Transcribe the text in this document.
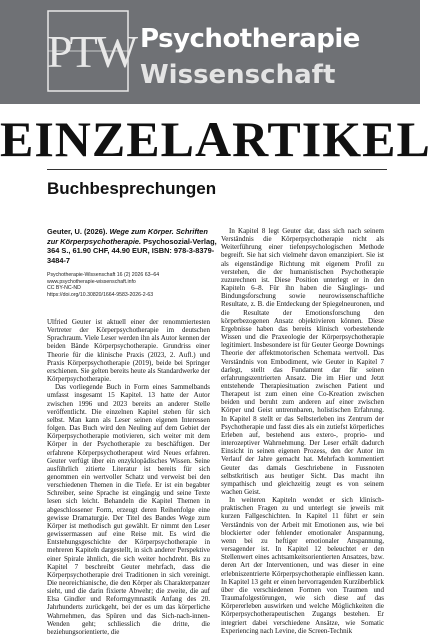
PTW Psychotherapie
Wissenschaft
EINZELARTIKEL
Buchbesprechungen
Geuter, U. (2026). Wege zum Körper. Schriften zur Körperpsychotherapie. Psychosozial-Verlag, 364 S., 61.90 CHF, 44.90 EUR, ISBN: 978-3-8379-3484-7
Psychotherapie-Wissenschaft 16 (2) 2026 63–64
www.psychotherapie-wissenschaft.info
CC BY-NC-ND
https://doi.org/10.30820/1664-9583-2026-2-63

Ulfried Geuter ist aktuell einer der renommiertesten Vertreter der Körperpsychotherapie im deutschen Sprachraum. Viele Leser werden ihn als Autor kennen der beiden Bände Körperpsychotherapie. Grundriss einer Theorie für die klinische Praxis (2023, 2. Aufl.) und Praxis Körperpsychotherapie (2019), beide bei Springer erschienen. Sie gelten bereits heute als Standardwerke der Körperpsychotherapie.

Das vorliegende Buch in Form eines Sammelbands umfasst insgesamt 15 Kapitel. 13 hatte der Autor zwischen 1996 und 2023 bereits an anderer Stelle veröffentlicht. Die einzelnen Kapitel stehen für sich selbst. Man kann als Leser seinen eigenen Interessen folgen. Das Buch wird den Neuling auf dem Gebiet der Körperpsychotherapie motivieren, sich weiter mit dem Körper in der Psychotherapie zu beschäftigen. Der erfahrene Körperpsychotherapeut wird Neues erfahren. Geuter verfügt über ein enzyklopädisches Wissen. Seine ausführlich zitierte Literatur ist bereits für sich genommen ein wertvoller Schatz und verweist bei den verschiedenen Themen in die Tiefe. Er ist ein begabter Schreiber, seine Sprache ist eingängig und seine Texte lesen sich leicht. Behandeln die Kapitel Themen in abgeschlossener Form, erzeugt deren Reihenfolge eine gewisse Dramaturgie. Der Titel des Bandes Wege zum Körper ist methodisch gut gewählt. Er nimmt den Leser gewissermassen auf eine Reise mit. Es wird die Entstehungsgeschichte der Körperpsychotherapie in mehreren Kapiteln dargestellt, in sich anderer Perspektive einer Spirale ähnlich, die sich weiter hochdreht. Bis zu Kapitel 7 beschreibt Geuter mehrfach, dass die Körperpsychotherapie drei Traditionen in sich vereinigt. Die neoreichianische, die den Körper als Charakterpanzer sieht, und die darin fixierte Abwehr; die zweite, die auf Elsa Gindler und Reformgymnastik Anfang des 20. Jahrhunderts zurückgeht, bei der es um das körperliche Wahrnehmen, das Spüren und das Sich-nach-innen-Wenden geht; schliesslich die dritte, die beziehungsorientierte, die

In Kapitel 8 legt Geuter dar, dass sich nach seinem Verständnis die Körperpsychotherapie nicht als Weiterführung einer tiefenpsychologischen Methode begreift. Sie hat sich vielmehr davon emanzipiert. Sie ist als eigenständige Richtung mit eigenem Profil zu verstehen, die der humanistischen Psychotherapie zuzurechnen ist. Diese Position unterlegt er in den Kapiteln 6–8. Für ihn haben die Säuglings- und Bindungsforschung sowie neurowissenschaftliche Resultate, z. B. die Entdeckung der Spiegelneuronen, und die Resultate der Emotionsforschung den körperbezogenen Ansatz objektivieren können. Diese Ergebnisse haben das bereits klinisch vorbestehende Wissen und die Praxeologie der Körperpsychotherapie legitimiert. Insbesondere ist für Geuter George Downings Theorie der affektmotorischen Schemata wertvoll. Das Verständnis von Embodiment, wie Geuter in Kapitel 7 darlegt, stellt das Fundament dar für seinen erfahrungszentrierten Ansatz. Die im Hier und Jetzt entstehende Therapiesituation zwischen Patient und Therapeut ist zum einen eine Co-Kreation zwischen beiden und beruht zum anderen auf einer zwischen Körper und Geist untrennbaren, holistischen Erfahrung. In Kapitel 8 stellt er das Selbsterleben ins Zentrum der Psychotherapie und fasst dies als ein zutiefst körperliches Erleben auf, bestehend aus extero-, proprio- und interozeptiver Wahrnehmung. Der Leser erhält dadurch Einsicht in seinen eigenen Prozess, den der Autor im Verlauf der Jahre gemacht hat. Mehrfach kommentiert Geuter das damals Geschriebene in Fussnoten selbstkritisch aus heutiger Sicht. Das macht ihn sympathisch und gleichzeitig zeugt es von seinem wachen Geist.

In weiteren Kapiteln wendet er sich klinisch-praktischen Fragen zu und unterlegt sie jeweils mit kurzen Fallgeschichten. In Kapitel 11 führt er sein Verständnis von der Arbeit mit Emotionen aus, wie bei blockierter oder fehlender emotionaler Anspannung, wenn bei zu heftiger emotionaler Anspannung, versagender ist. In Kapitel 12 beleuchtet er den Stellenwert eines achtsamkeitsorientierten Ansatzes, bzw. deren Art der Interventionen, und was dieser in eine erlebniszentrierte Körperpsychotherapie einfliessen kann. In Kapitel 13 geht er einen hervorragenden Kurzüberblick über die verschiedenen Formen von Traumen und Traumafolgestörungen, wie sich diese auf das Körpererleben auswirken und welche Möglichkeiten die Körperpsychotherapeutischen Zugangs bestehen. Er integriert dabei verschiedene Ansätze, wie Somatic Experiencing nach Levine, die Screen-Technik
